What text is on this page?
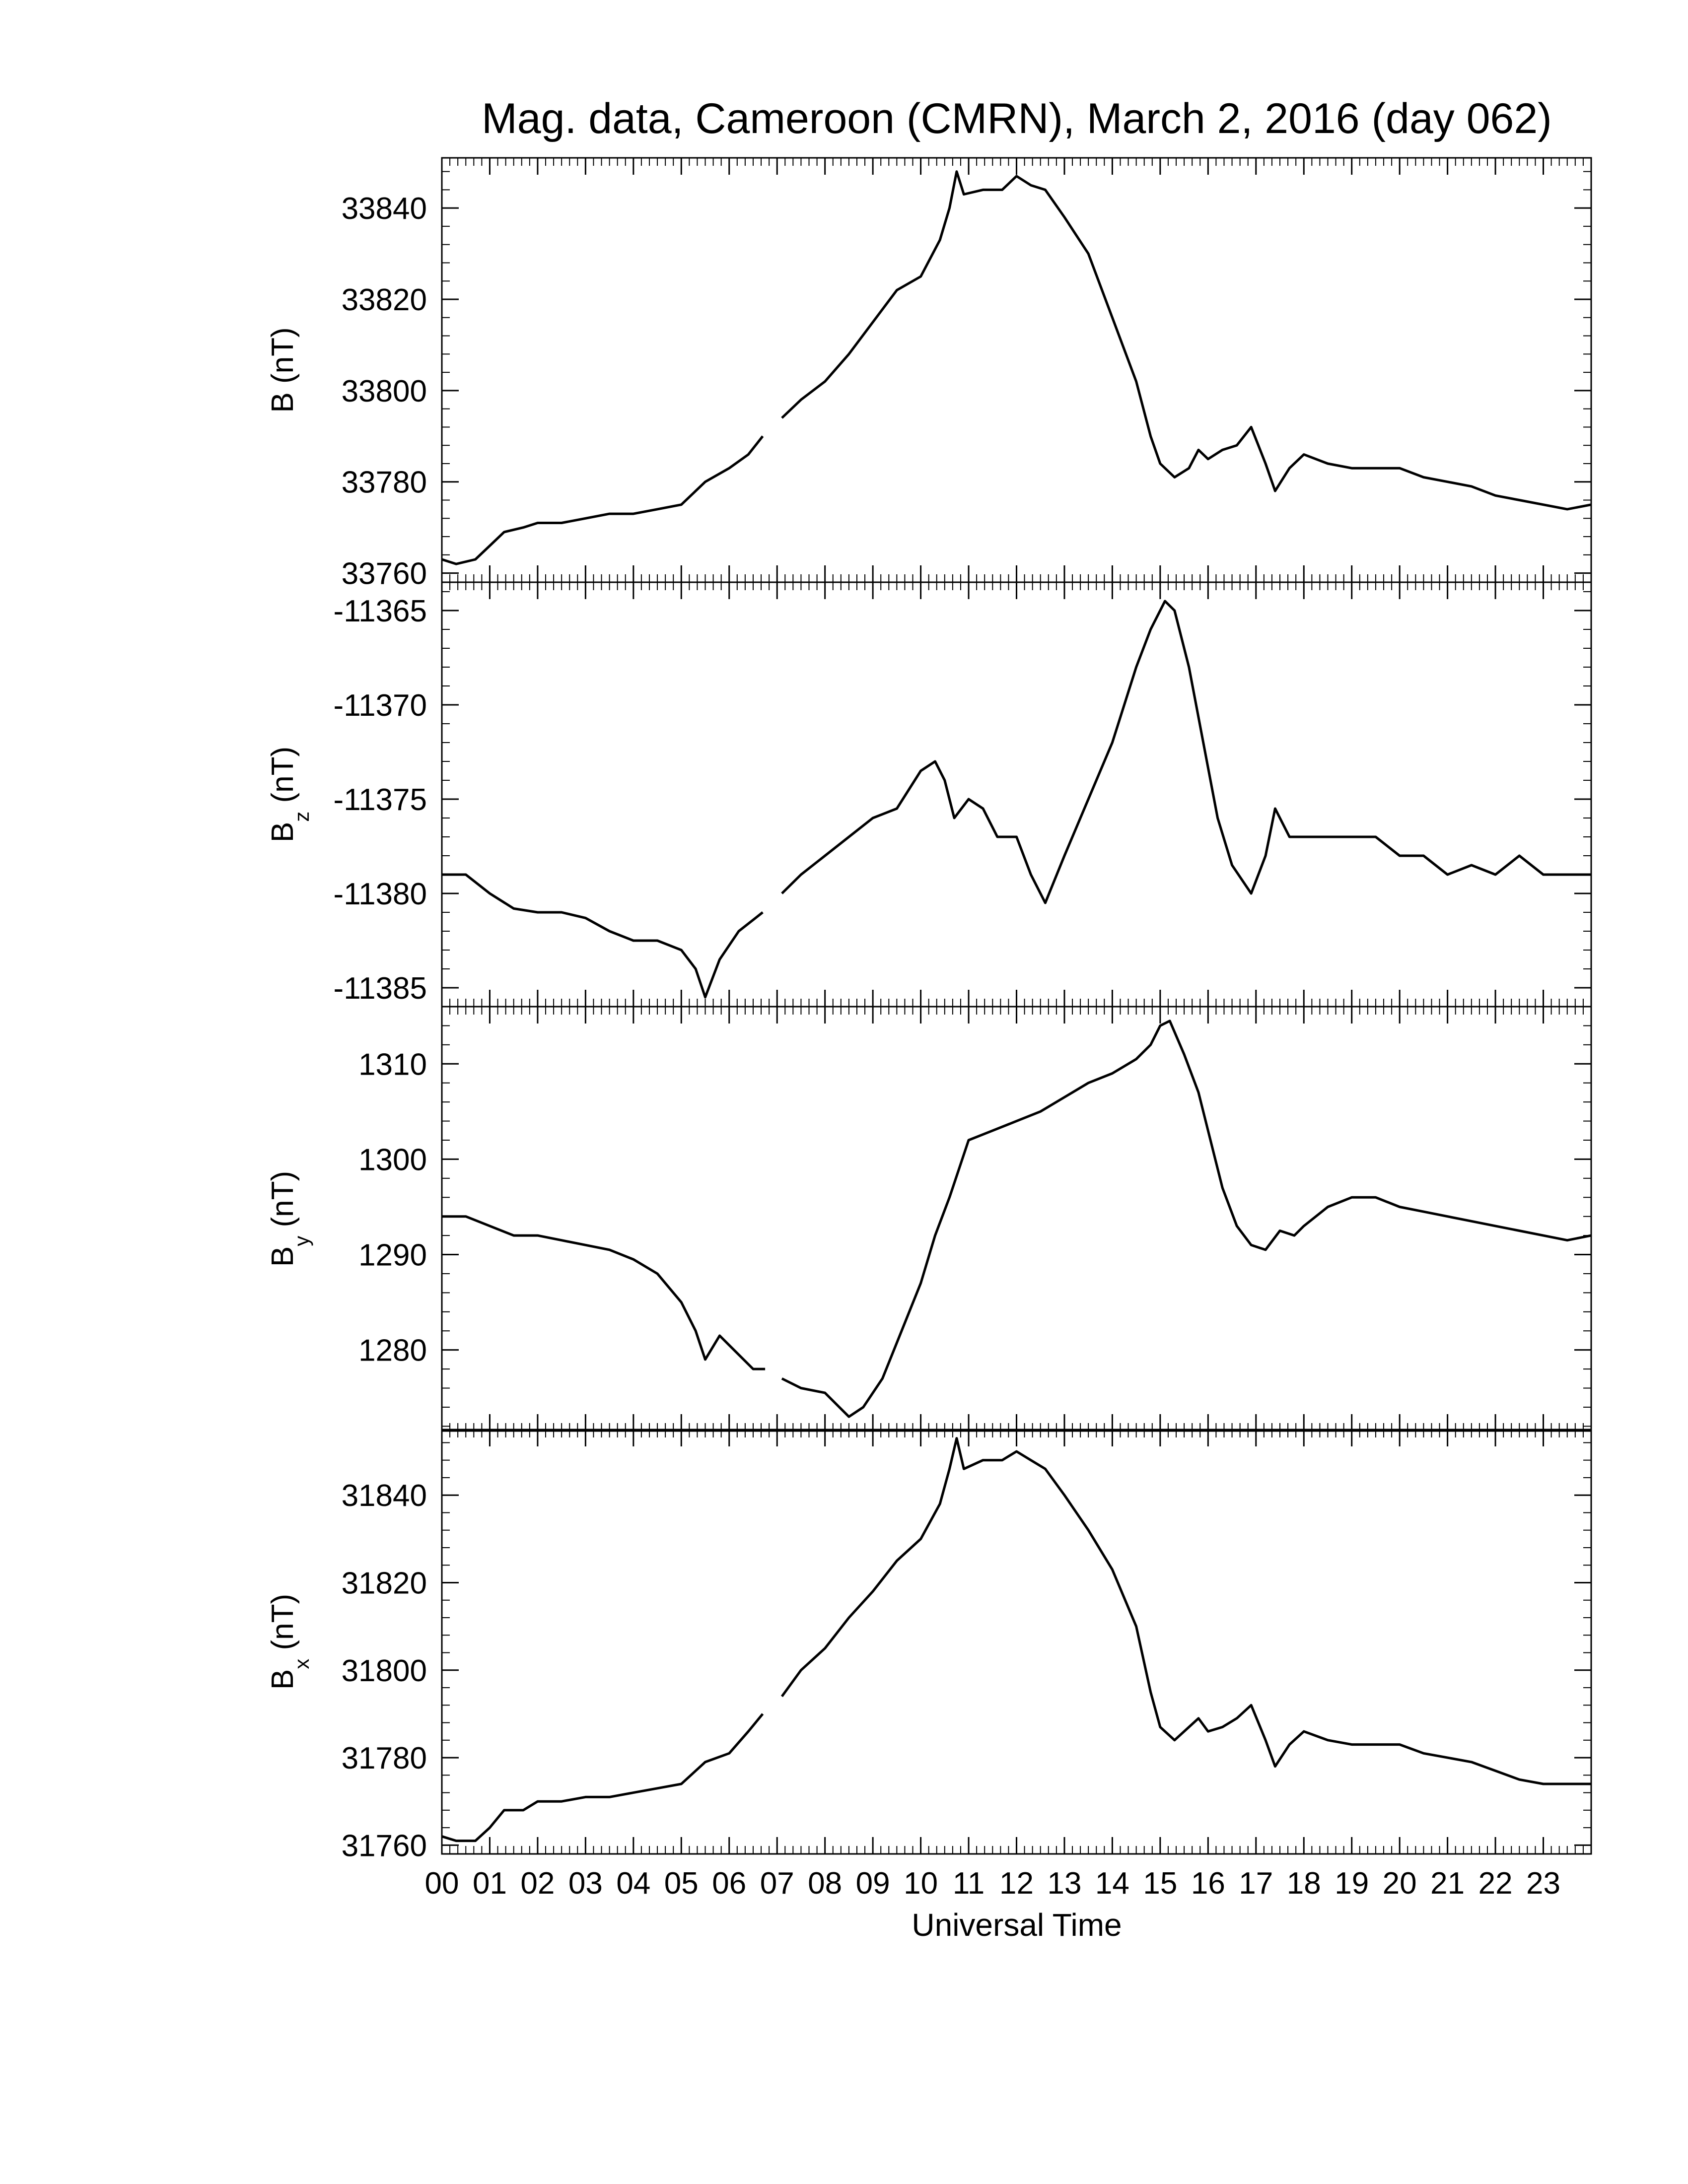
Mag. data, Cameroon (CMRN), March 2, 2016 (day 062)
33760
33780
33800
33820
33840
B (nT)
-11385
-11380
-11375
-11370
-11365
$B_z$ (nT)
1280
1290
1300
1310
$B_y$ (nT)
31760
31780
31800
31820
31840
$B_x$ (nT)
00 01 02 03 04 05 06 07 08 09 10 11 12 13 14 15 16 17 18 19 20 21 22 23
Universal Time
